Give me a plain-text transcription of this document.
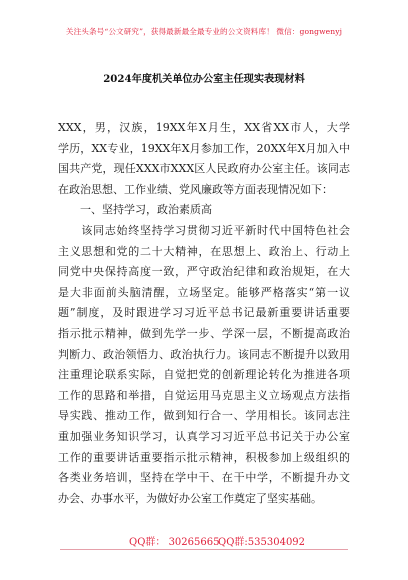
关注头条号“公文研究”，获得最新最全最专业的公文资料库！ 微信：gongwenyj
2024年度机关单位办公室主任现实表现材料
XXX，男，汉族，19XX年X月生，XX省XX市人，大学
学历，XX专业，19XX年X月参加工作，20XX年X月加入中
国共产党，现任XXX市XXX区人民政府办公室主任。该同志
在政治思想、工作业绩、党风廉政等方面表现情况如下：
　　一、坚持学习，政治素质高
　　该同志始终坚持学习贯彻习近平新时代中国特色社会
主义思想和党的二十大精神，在思想上、政治上、行动上
同党中央保持高度一致，严守政治纪律和政治规矩，在大
是大非面前头脑清醒，立场坚定。能够严格落实“第一议
题”制度，及时跟进学习习近平总书记最新重要讲话重要
指示批示精神，做到先学一步、学深一层，不断提高政治
判断力、政治领悟力、政治执行力。该同志不断提升以致用
注重理论联系实际，自觉把党的创新理论转化为推进各项
工作的思路和举措，自觉运用马克思主义立场观点方法指
导实践、推动工作，做到知行合一、学用相长。该同志注
重加强业务知识学习，认真学习习近平总书记关于办公室
工作的重要讲话重要指示批示精神，积极参加上级组织的
各类业务培训，坚持在学中干、在干中学，不断提升办文
办会、办事水平，为做好办公室工作奠定了坚实基础。
QQ群： 30265665
QQ群:535304092
